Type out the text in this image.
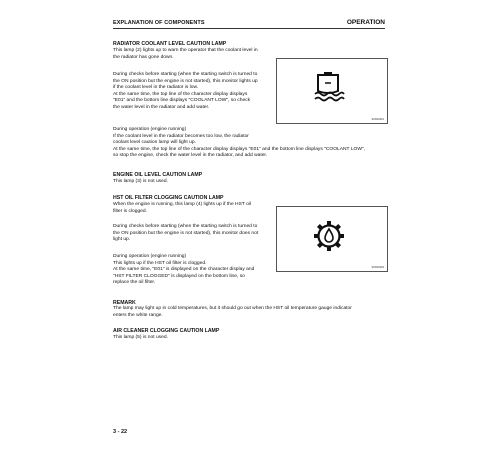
EXPLANATION OF COMPONENTS	OPERATION
RADIATOR COOLANT LEVEL CAUTION LAMP
This lamp (2) lights up to warn the operator that the coolant level in
the radiator has gone down.
During checks before starting (when the starting switch is turned to
the ON position but the engine is not started), this monitor lights up
if the coolant level in the radiator is low.
At the same time, the top line of the character display displays
"E01" and the bottom line displays "COOLANT LOW", so check
the water level in the radiator and add water.
9JW00361
During operation (engine running)
If the coolant level in the radiator becomes too low, the radiator
coolant level caution lamp will light up.
At the same time, the top line of the character display displays "E01" and the bottom line displays "COOLANT LOW",
so stop the engine, check the water level in the radiator, and add water.
ENGINE OIL LEVEL CAUTION LAMP
This lamp (3) is not used.
HST OIL FILTER CLOGGING CAUTION LAMP
When the engine is running, this lamp (4) lights up if the HST oil
filter is clogged.
During checks before starting (when the starting switch is turned to
the ON position but the engine is not started), this monitor does not
light up.
During operation (engine running)
This lights up if the HST oil filter is clogged.
At the same time, "E01" is displayed on the character display and
"HST FILTER CLOGGED" is displayed on the bottom line, so
replace the oil filter.
9JW00364
REMARK
The lamp may light up in cold temperatures, but it should go out when the HST oil temperature gauge indicator
enters the white range.
AIR CLEANER CLOGGING CAUTION LAMP
This lamp (5) is not used.
3 - 22
